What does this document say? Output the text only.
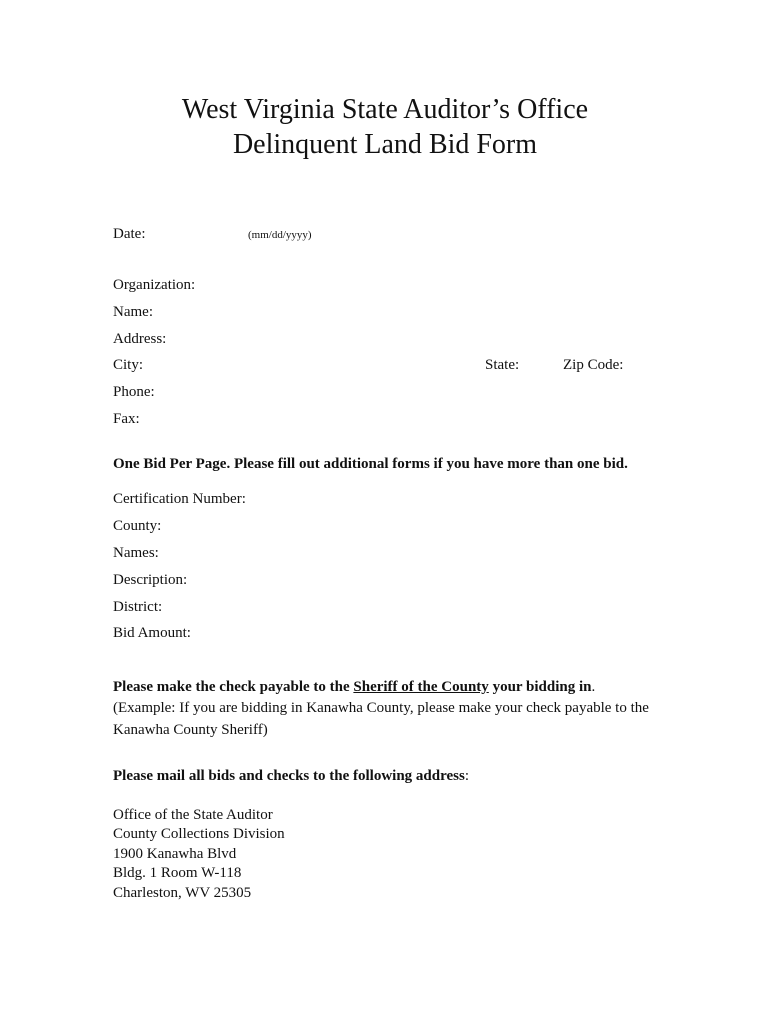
West Virginia State Auditor’s Office
Delinquent Land Bid Form
Date:	(mm/dd/yyyy)
Organization:
Name:
Address:
City:	State:	Zip Code:
Phone:
Fax:
One Bid Per Page. Please fill out additional forms if you have more than one bid.
Certification Number:
County:
Names:
Description:
District:
Bid Amount:
Please make the check payable to the Sheriff of the County your bidding in.
(Example: If you are bidding in Kanawha County, please make your check payable to the Kanawha County Sheriff)
Please mail all bids and checks to the following address:
Office of the State Auditor
County Collections Division
1900 Kanawha Blvd
Bldg. 1 Room W-118
Charleston, WV 25305
